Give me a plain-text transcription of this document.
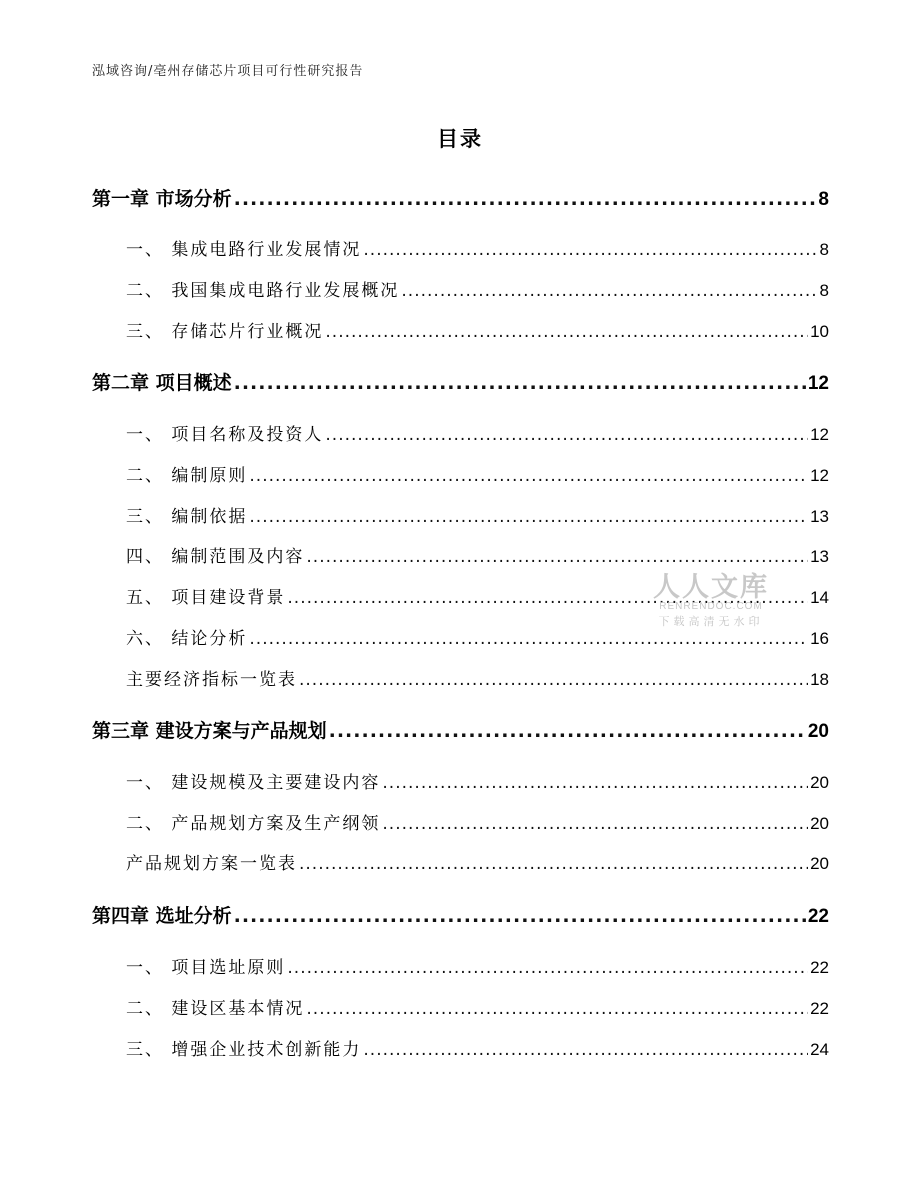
泓域咨询/亳州存储芯片项目可行性研究报告
目录
第一章 市场分析 .....	8
一、 集成电路行业发展情况 .....	8
二、 我国集成电路行业发展概况 .....	8
三、 存储芯片行业概况 .....	10
第二章 项目概述 .....	12
一、 项目名称及投资人 .....	12
二、 编制原则 .....	12
三、 编制依据 .....	13
四、 编制范围及内容 .....	13
五、 项目建设背景 .....	14
六、 结论分析 .....	16
主要经济指标一览表 .....	18
第三章 建设方案与产品规划 .....	20
一、 建设规模及主要建设内容 .....	20
二、 产品规划方案及生产纲领 .....	20
产品规划方案一览表 .....	20
第四章 选址分析 .....	22
一、 项目选址原则 .....	22
二、 建设区基本情况 .....	22
三、 增强企业技术创新能力 .....	24
人人文库
RENRENDOC.COM
下载高清无水印
